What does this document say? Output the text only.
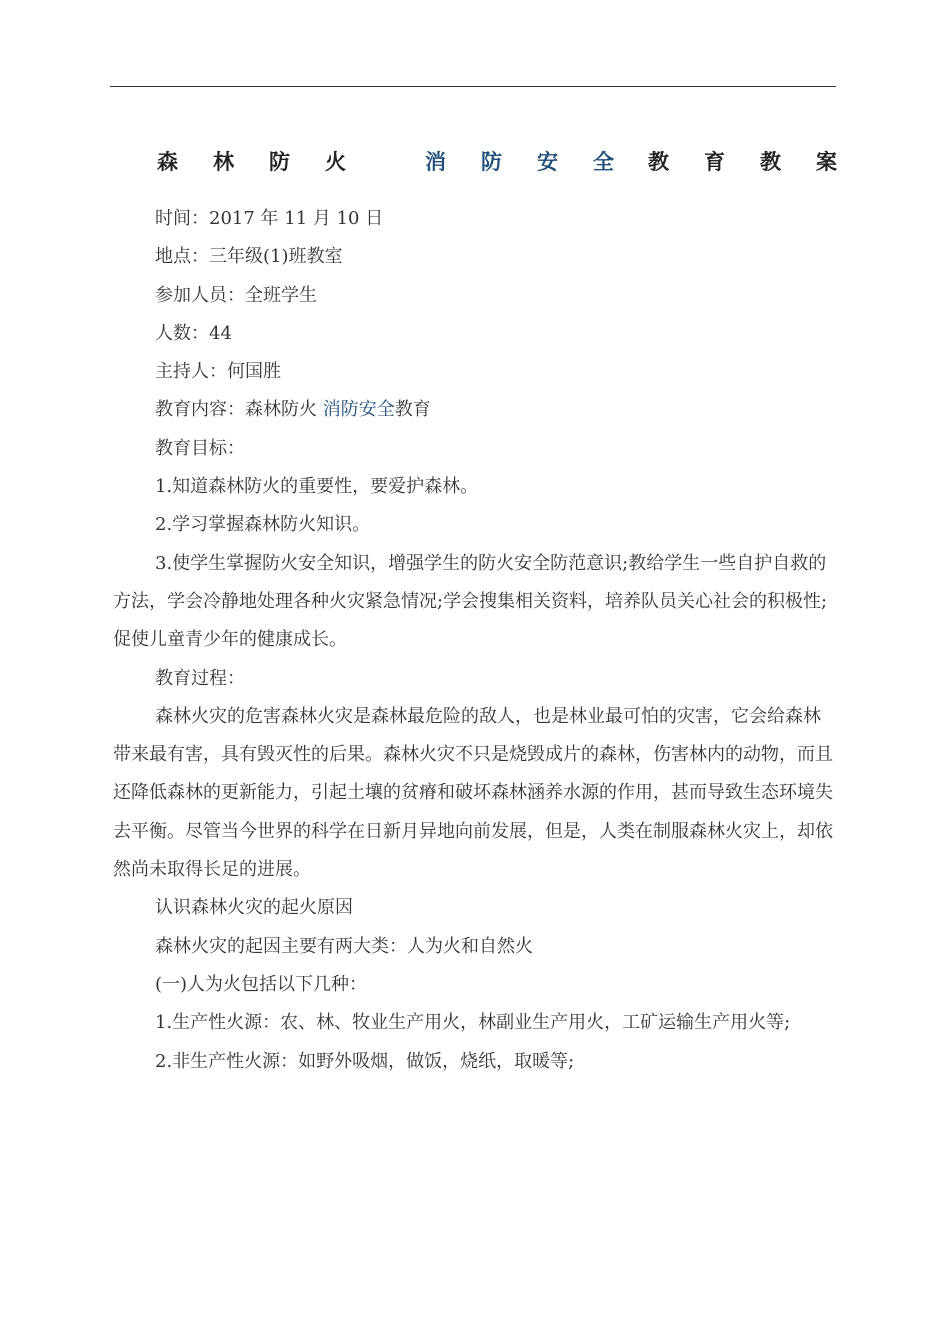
森 林 防 火	消 防 安 全 教 育 教 案

时间：2017 年 11 月 10 日

地点：三年级(1)班教室

参加人员：全班学生

人数：44

主持人：何国胜

教育内容：森林防火 消防安全教育

教育目标：

1.知道森林防火的重要性，要爱护森林。

2.学习掌握森林防火知识。

3.使学生掌握防火安全知识，增强学生的防火安全防范意识;教给学生一些自护自救的方法，学会冷静地处理各种火灾紧急情况;学会搜集相关资料，培养队员关心社会的积极性;促使儿童青少年的健康成长。

教育过程：

森林火灾的危害森林火灾是森林最危险的敌人，也是林业最可怕的灾害，它会给森林带来最有害，具有毁灭性的后果。森林火灾不只是烧毁成片的森林，伤害林内的动物，而且还降低森林的更新能力，引起土壤的贫瘠和破坏森林涵养水源的作用，甚而导致生态环境失去平衡。尽管当今世界的科学在日新月异地向前发展，但是，人类在制服森林火灾上，却依然尚未取得长足的进展。

认识森林火灾的起火原因

森林火灾的起因主要有两大类：人为火和自然火

(一)人为火包括以下几种：

1.生产性火源：农、林、牧业生产用火，林副业生产用火，工矿运输生产用火等;

2.非生产性火源：如野外吸烟，做饭，烧纸，取暖等;
